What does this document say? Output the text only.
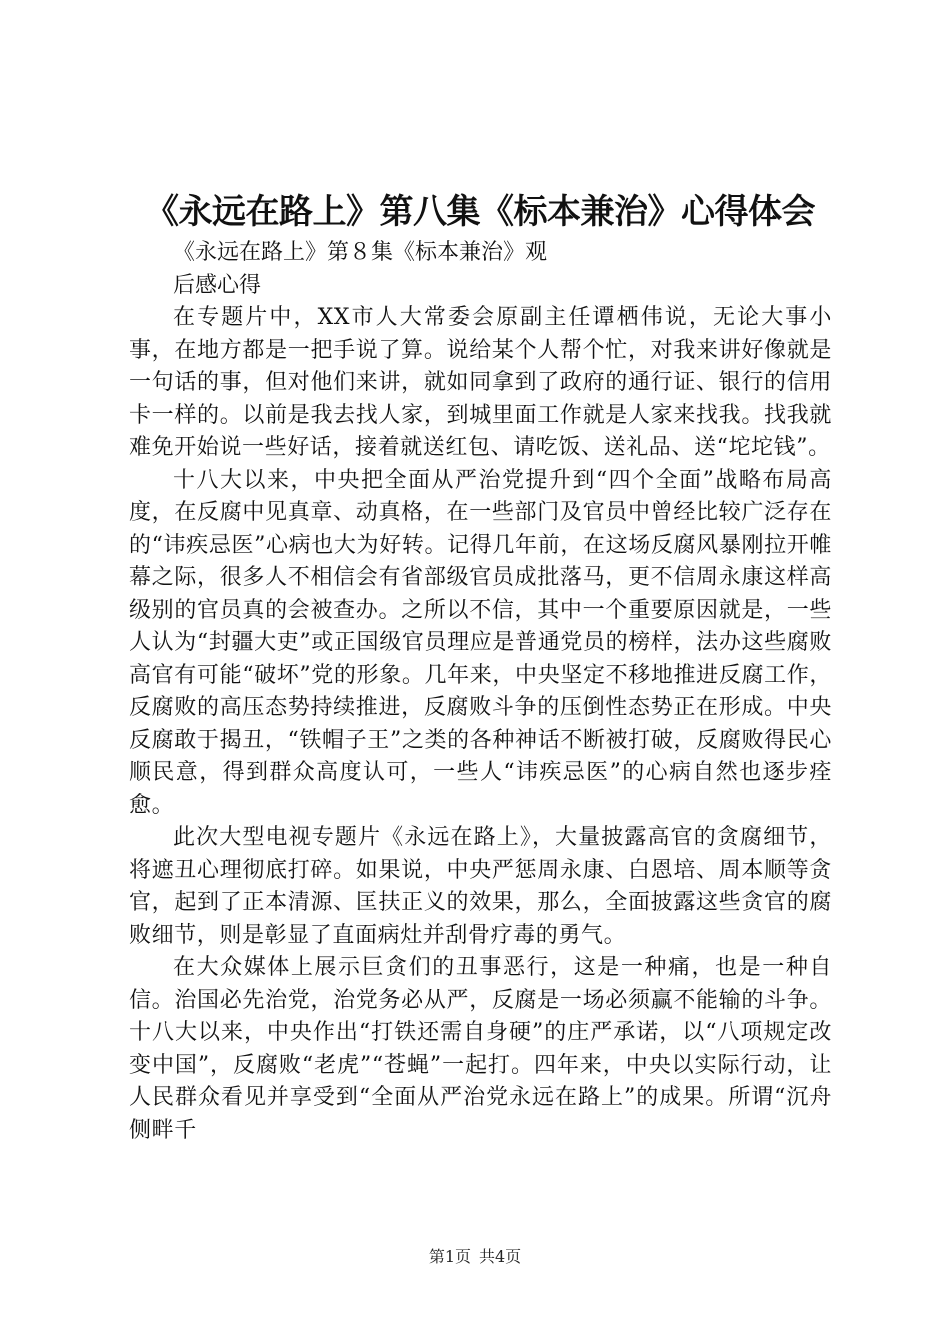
《永远在路上》第八集《标本兼治》心得体会

《永远在路上》第８集《标本兼治》观

后感心得

在专题片中，XX市人大常委会原副主任谭栖伟说，无论大事小事，在地方都是一把手说了算。说给某个人帮个忙，对我来讲好像就是一句话的事，但对他们来讲，就如同拿到了政府的通行证、银行的信用卡一样的。以前是我去找人家，到城里面工作就是人家来找我。找我就难免开始说一些好话，接着就送红包、请吃饭、送礼品、送“坨坨钱”。

十八大以来，中央把全面从严治党提升到“四个全面”战略布局高度，在反腐中见真章、动真格，在一些部门及官员中曾经比较广泛存在的“讳疾忌医”心病也大为好转。记得几年前，在这场反腐风暴刚拉开帷幕之际，很多人不相信会有省部级官员成批落马，更不信周永康这样高级别的官员真的会被查办。之所以不信，其中一个重要原因就是，一些人认为“封疆大吏”或正国级官员理应是普通党员的榜样，法办这些腐败高官有可能“破坏”党的形象。几年来，中央坚定不移地推进反腐工作，反腐败的高压态势持续推进，反腐败斗争的压倒性态势正在形成。中央反腐敢于揭丑，“铁帽子王”之类的各种神话不断被打破，反腐败得民心顺民意，得到群众高度认可，一些人“讳疾忌医”的心病自然也逐步痊愈。

此次大型电视专题片《永远在路上》，大量披露高官的贪腐细节，将遮丑心理彻底打碎。如果说，中央严惩周永康、白恩培、周本顺等贪官，起到了正本清源、匡扶正义的效果，那么，全面披露这些贪官的腐败细节，则是彰显了直面病灶并刮骨疗毒的勇气。

在大众媒体上展示巨贪们的丑事恶行，这是一种痛，也是一种自信。治国必先治党，治党务必从严，反腐是一场必须赢不能输的斗争。十八大以来，中央作出“打铁还需自身硬”的庄严承诺，以“八项规定改变中国”，反腐败“老虎”“苍蝇”一起打。四年来，中央以实际行动，让人民群众看见并享受到“全面从严治党永远在路上”的成果。所谓“沉舟侧畔千

第1页 共4页
